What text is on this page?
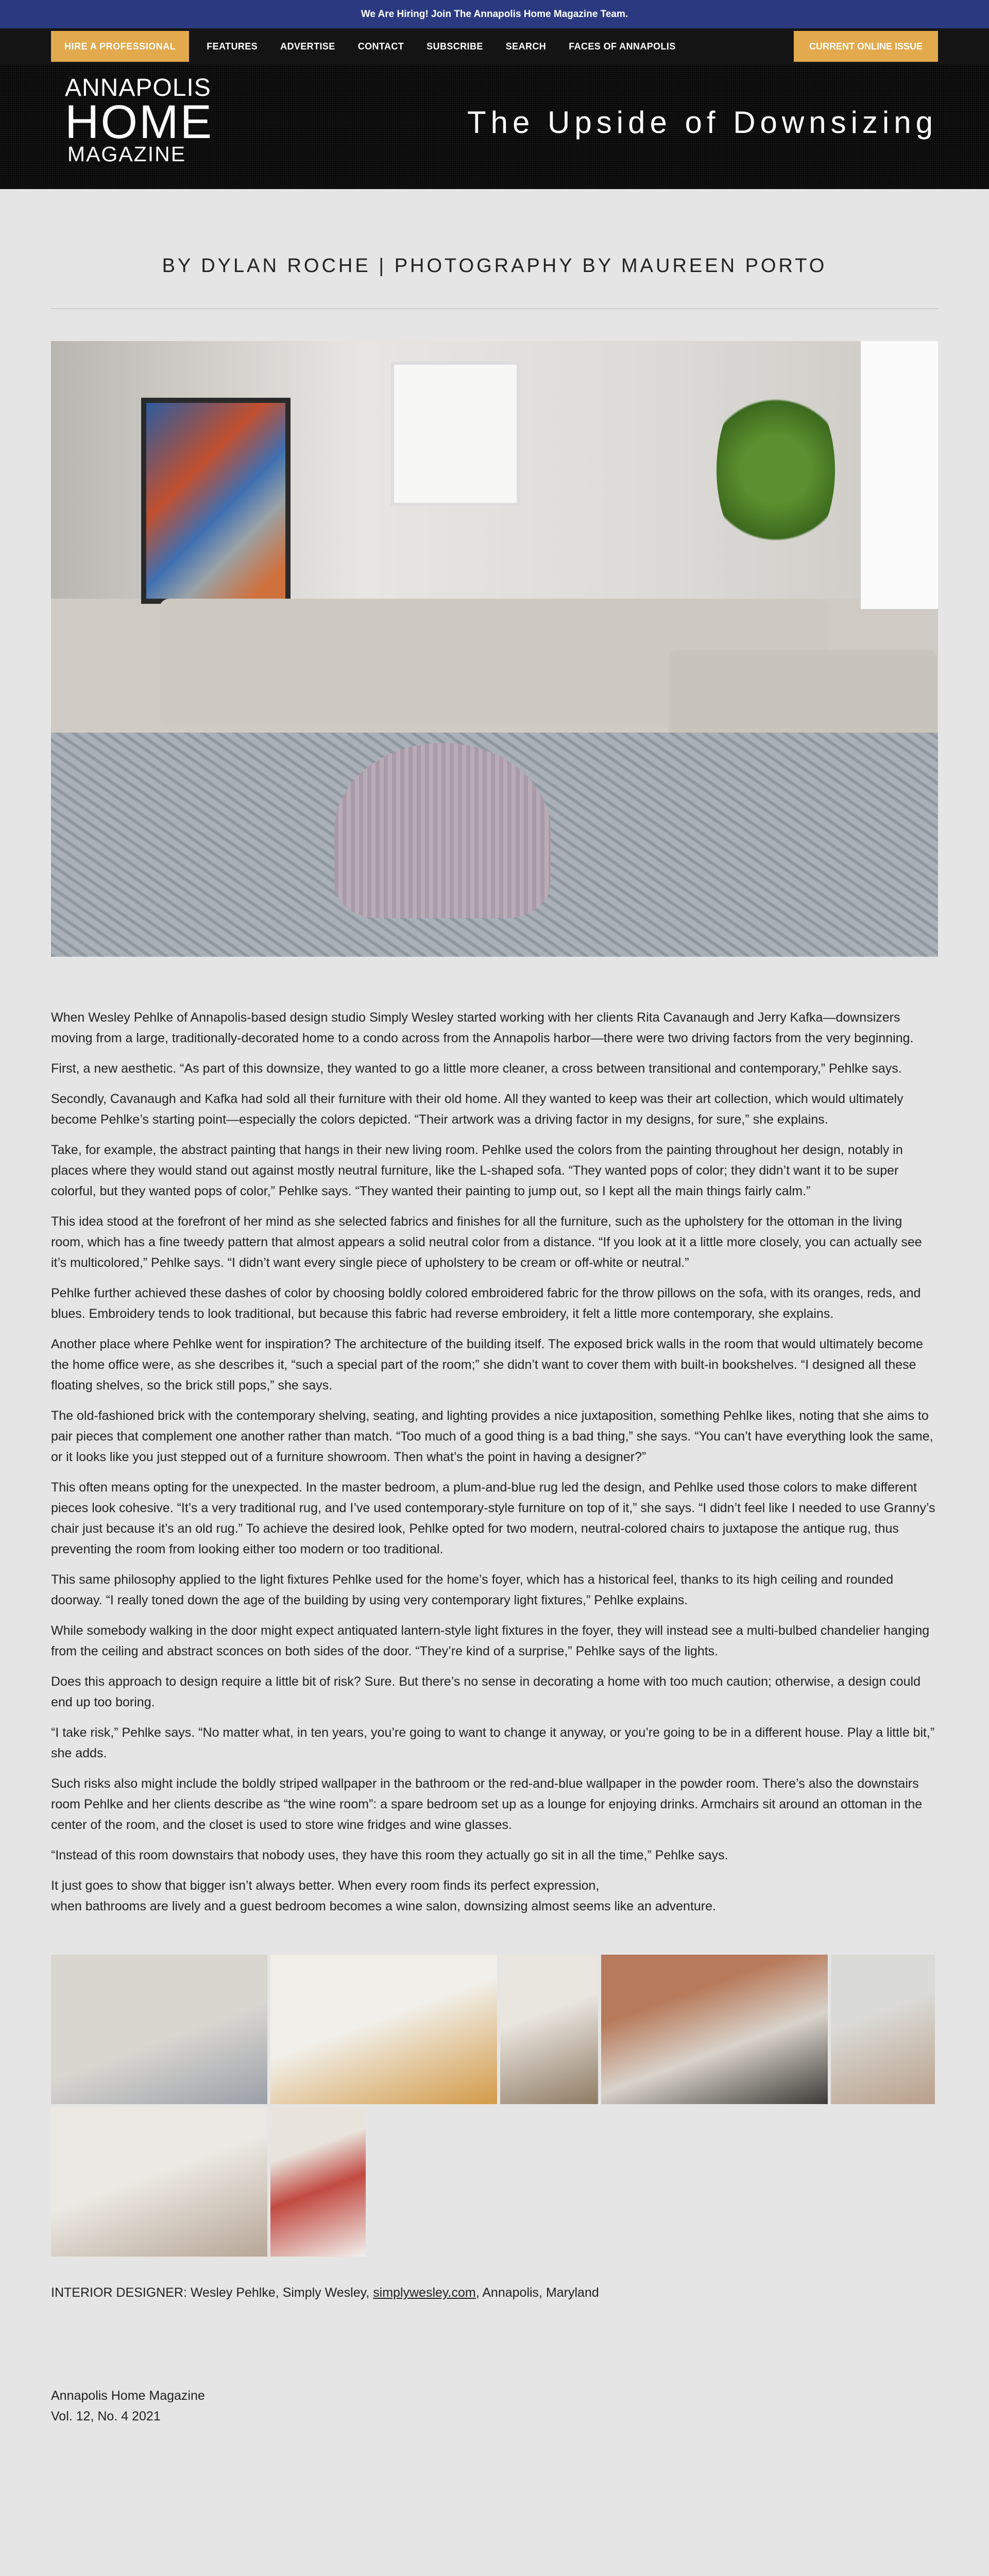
We Are Hiring! Join The Annapolis Home Magazine Team.
HIRE A PROFESSIONAL	FEATURES ADVERTISE CONTACT SUBSCRIBE SEARCH FACES OF ANNAPOLIS	CURRENT ONLINE ISSUE
ANNAPOLIS
HOME
MAGAZINE
The Upside of Downsizing
BY DYLAN ROCHE | PHOTOGRAPHY BY MAUREEN PORTO

When Wesley Pehlke of Annapolis-based design studio Simply Wesley started working with her clients Rita Cavanaugh and Jerry Kafka—downsizers moving from a large, traditionally-decorated home to a condo across from the Annapolis harbor—there were two driving factors from the very beginning.

First, a new aesthetic. “As part of this downsize, they wanted to go a little more cleaner, a cross between transitional and contemporary,” Pehlke says.

Secondly, Cavanaugh and Kafka had sold all their furniture with their old home. All they wanted to keep was their art collection, which would ultimately become Pehlke’s starting point—especially the colors depicted. “Their artwork was a driving factor in my designs, for sure,” she explains.

Take, for example, the abstract painting that hangs in their new living room. Pehlke used the colors from the painting throughout her design, notably in places where they would stand out against mostly neutral furniture, like the L-shaped sofa. “They wanted pops of color; they didn’t want it to be super colorful, but they wanted pops of color,” Pehlke says. “They wanted their painting to jump out, so I kept all the main things fairly calm.”

This idea stood at the forefront of her mind as she selected fabrics and finishes for all the furniture, such as the upholstery for the ottoman in the living room, which has a fine tweedy pattern that almost appears a solid neutral color from a distance. “If you look at it a little more closely, you can actually see it’s multicolored,” Pehlke says. “I didn’t want every single piece of upholstery to be cream or off-white or neutral.”

Pehlke further achieved these dashes of color by choosing boldly colored embroidered fabric for the throw pillows on the sofa, with its oranges, reds, and blues. Embroidery tends to look traditional, but because this fabric had reverse embroidery, it felt a little more contemporary, she explains.

Another place where Pehlke went for inspiration? The architecture of the building itself. The exposed brick walls in the room that would ultimately become the home office were, as she describes it, “such a special part of the room;” she didn’t want to cover them with built-in bookshelves. “I designed all these floating shelves, so the brick still pops,” she says.

The old-fashioned brick with the contemporary shelving, seating, and lighting provides a nice juxtaposition, something Pehlke likes, noting that she aims to pair pieces that complement one another rather than match. “Too much of a good thing is a bad thing,” she says. “You can’t have everything look the same, or it looks like you just stepped out of a furniture showroom. Then what’s the point in having a designer?”

This often means opting for the unexpected. In the master bedroom, a plum-and-blue rug led the design, and Pehlke used those colors to make different pieces look cohesive. “It’s a very traditional rug, and I’ve used contemporary-style furniture on top of it,” she says. “I didn’t feel like I needed to use Granny’s chair just because it’s an old rug.” To achieve the desired look, Pehlke opted for two modern, neutral-colored chairs to juxtapose the antique rug, thus preventing the room from looking either too modern or too traditional.

This same philosophy applied to the light fixtures Pehlke used for the home’s foyer, which has a historical feel, thanks to its high ceiling and rounded doorway. “I really toned down the age of the building by using very contemporary light fixtures,” Pehlke explains.

While somebody walking in the door might expect antiquated lantern-style light fixtures in the foyer, they will instead see a multi-bulbed chandelier hanging from the ceiling and abstract sconces on both sides of the door. “They’re kind of a surprise,” Pehlke says of the lights.

Does this approach to design require a little bit of risk? Sure. But there’s no sense in decorating a home with too much caution; otherwise, a design could end up too boring.

“I take risk,” Pehlke says. “No matter what, in ten years, you’re going to want to change it anyway, or you’re going to be in a different house. Play a little bit,” she adds.

Such risks also might include the boldly striped wallpaper in the bathroom or the red-and-blue wallpaper in the powder room. There’s also the downstairs room Pehlke and her clients describe as “the wine room”: a spare bedroom set up as a lounge for enjoying drinks. Armchairs sit around an ottoman in the center of the room, and the closet is used to store wine fridges and wine glasses.

“Instead of this room downstairs that nobody uses, they have this room they actually go sit in all the time,” Pehlke says.

It just goes to show that bigger isn’t always better. When every room finds its perfect expression,
when bathrooms are lively and a guest bedroom becomes a wine salon, downsizing almost seems like an adventure.

INTERIOR DESIGNER: Wesley Pehlke, Simply Wesley, simplywesley.com, Annapolis, Maryland
Annapolis Home Magazine
Vol. 12, No. 4 2021
